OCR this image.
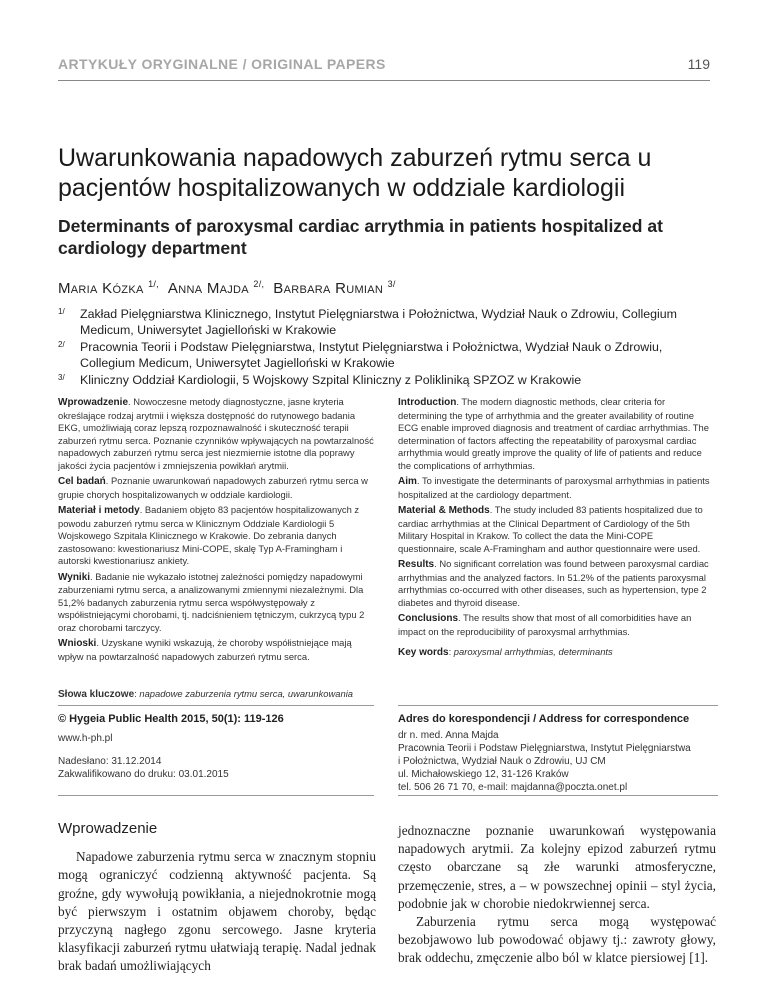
ARTYKUŁY ORYGINALNE / ORIGINAL PAPERS	119
Uwarunkowania napadowych zaburzeń rytmu serca u pacjentów hospitalizowanych w oddziale kardiologii
Determinants of paroxysmal cardiac arrythmia in patients hospitalized at cardiology department
Maria Kózka $^{1/,}$ Anna Majda $^{2/,}$ Barbara Rumian $^{3/}$
1/ Zakład Pielęgniarstwa Klinicznego, Instytut Pielęgniarstwa i Położnictwa, Wydział Nauk o Zdrowiu, Collegium Medicum, Uniwersytet Jagielloński w Krakowie
2/ Pracownia Teorii i Podstaw Pielęgniarstwa, Instytut Pielęgniarstwa i Położnictwa, Wydział Nauk o Zdrowiu, Collegium Medicum, Uniwersytet Jagielloński w Krakowie
3/ Kliniczny Oddział Kardiologii, 5 Wojskowy Szpital Kliniczny z Polikliniką SPZOZ w Krakowie

Wprowadzenie. Nowoczesne metody diagnostyczne, jasne kryteria określające rodzaj arytmii i większa dostępność do rutynowego badania EKG, umożliwiają coraz lepszą rozpoznawalność i skuteczność terapii zaburzeń rytmu serca. Poznanie czynników wpływających na powtarzalność napadowych zaburzeń rytmu serca jest niezmiernie istotne dla poprawy jakości życia pacjentów i zmniejszenia powikłań arytmii.

Cel badań. Poznanie uwarunkowań napadowych zaburzeń rytmu serca w grupie chorych hospitalizowanych w oddziale kardiologii.

Materiał i metody. Badaniem objęto 83 pacjentów hospitalizowanych z powodu zaburzeń rytmu serca w Klinicznym Oddziale Kardiologii 5 Wojskowego Szpitala Klinicznego w Krakowie. Do zebrania danych zastosowano: kwestionariusz Mini-COPE, skalę Typ A-Framingham i autorski kwestionariusz ankiety.

Wyniki. Badanie nie wykazało istotnej zależności pomiędzy napadowymi zaburzeniami rytmu serca, a analizowanymi zmiennymi niezależnymi. Dla 51,2% badanych zaburzenia rytmu serca współwystępowały z współistniejącymi chorobami, tj. nadciśnieniem tętniczym, cukrzycą typu 2 oraz chorobami tarczycy.

Wnioski. Uzyskane wyniki wskazują, że choroby współistniejące mają wpływ na powtarzalność napadowych zaburzeń rytmu serca.

Introduction. The modern diagnostic methods, clear criteria for determining the type of arrhythmia and the greater availability of routine ECG enable improved diagnosis and treatment of cardiac arrhythmias. The determination of factors affecting the repeatability of paroxysmal cardiac arrhythmia would greatly improve the quality of life of patients and reduce the complications of arrhythmias.

Aim. To investigate the determinants of paroxysmal arrhythmias in patients hospitalized at the cardiology department.

Material & Methods. The study included 83 patients hospitalized due to cardiac arrhythmias at the Clinical Department of Cardiology of the 5th Military Hospital in Krakow. To collect the data the Mini-COPE questionnaire, scale A-Framingham and author questionnaire were used.

Results. No significant correlation was found between paroxysmal cardiac arrhythmias and the analyzed factors. In 51.2% of the patients paroxysmal arrhythmias co-occurred with other diseases, such as hypertension, type 2 diabetes and thyroid disease.

Conclusions. The results show that most of all comorbidities have an impact on the reproducibility of paroxysmal arrhythmias.

Key words: paroxysmal arrhythmias, determinants

Słowa kluczowe: napadowe zaburzenia rytmu serca, uwarunkowania
© Hygeia Public Health 2015, 50(1): 119-126
www.h-ph.pl
Nadesłano: 31.12.2014
Zakwalifikowano do druku: 03.01.2015
Adres do korespondencji / Address for correspondence
dr n. med. Anna Majda
Pracownia Teorii i Podstaw Pielęgniarstwa, Instytut Pielęgniarstwa
i Położnictwa, Wydział Nauk o Zdrowiu, UJ CM
ul. Michałowskiego 12, 31-126 Kraków
tel. 506 26 71 70, e-mail: majdanna@poczta.onet.pl
Wprowadzenie

Napadowe zaburzenia rytmu serca w znacznym stopniu mogą ograniczyć codzienną aktywność pacjenta. Są groźne, gdy wywołują powikłania, a niejednokrotnie mogą być pierwszym i ostatnim objawem choroby, będąc przyczyną nagłego zgonu sercowego. Jasne kryteria klasyfikacji zaburzeń rytmu ułatwiają terapię. Nadal jednak brak badań umożliwiających

jednoznaczne poznanie uwarunkowań występowania napadowych arytmii. Za kolejny epizod zaburzeń rytmu często obarczane są złe warunki atmosferyczne, przemęczenie, stres, a – w powszechnej opinii – styl życia, podobnie jak w chorobie niedokrwiennej serca.

Zaburzenia rytmu serca mogą występować bezobjawowo lub powodować objawy tj.: zawroty głowy, brak oddechu, zmęczenie albo ból w klatce piersiowej [1].
